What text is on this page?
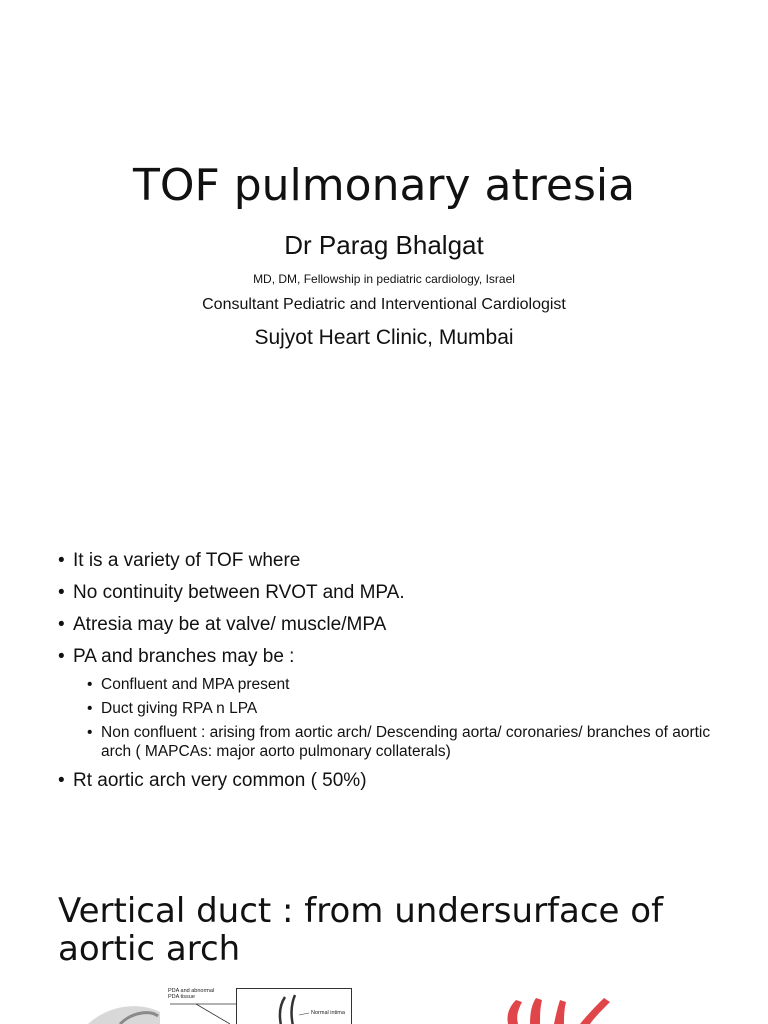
TOF pulmonary atresia
Dr Parag Bhalgat
MD, DM, Fellowship in pediatric cardiology, Israel
Consultant Pediatric and Interventional Cardiologist
Sujyot Heart Clinic, Mumbai
• It is a variety of TOF where
• No continuity between RVOT and MPA.
• Atresia may be at valve/ muscle/MPA
• PA and branches may be :
• Confluent and MPA present
• Duct giving RPA n LPA
• Non confluent : arising from aortic arch/ Descending aorta/ coronaries/ branches of aortic arch ( MAPCAs: major aorto pulmonary collaterals)
• Rt aortic arch very common ( 50%)
Vertical duct : from undersurface of aortic arch
PDA and abnormal PDA tissue
Normal intima
